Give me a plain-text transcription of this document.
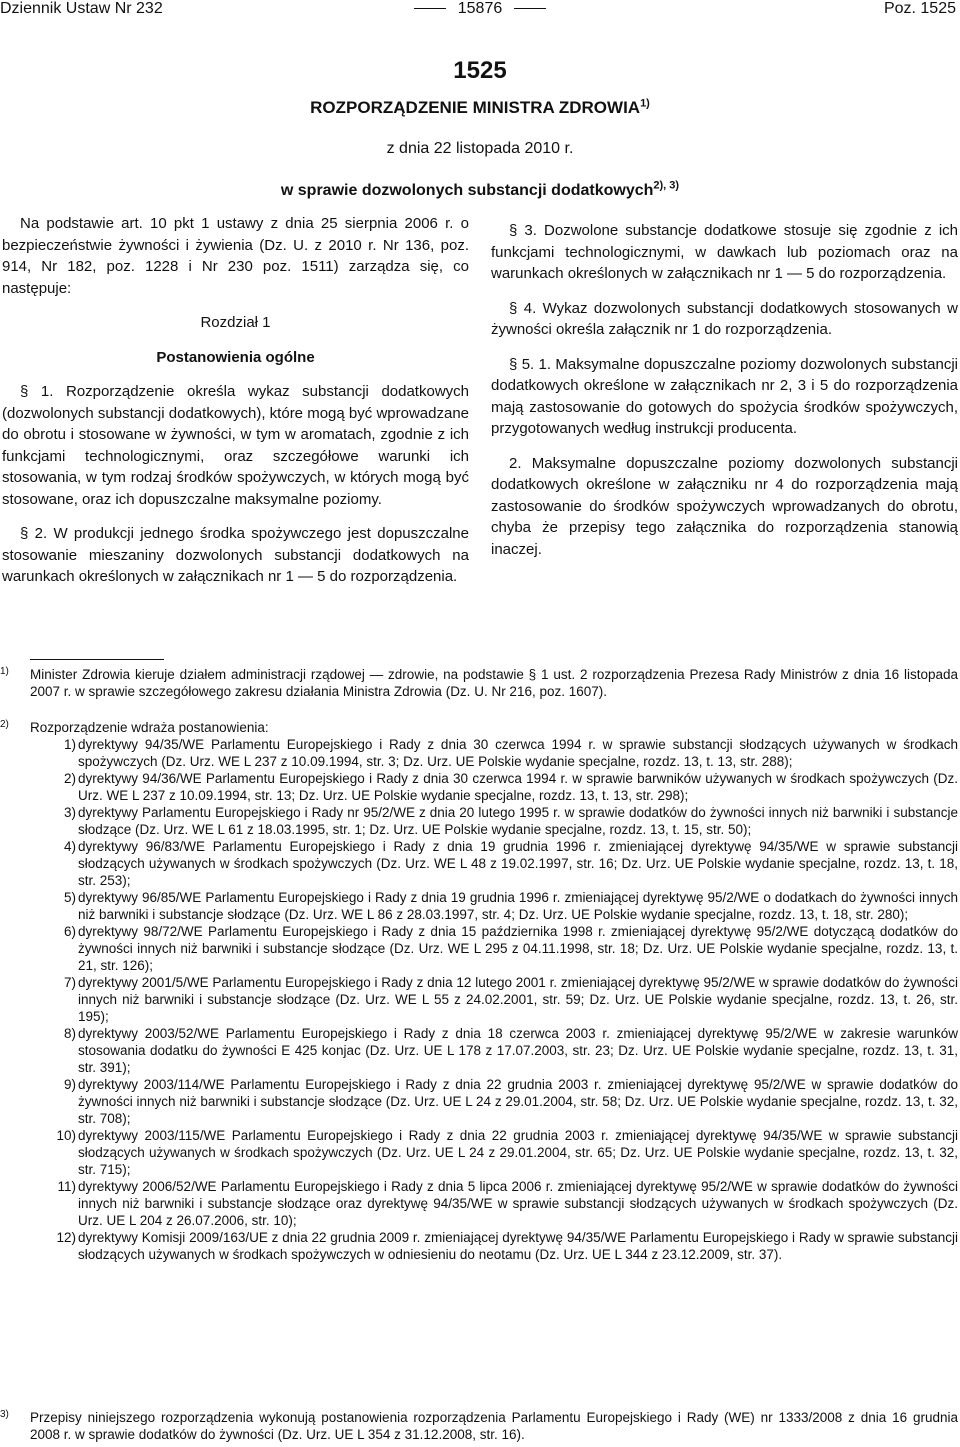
Dziennik Ustaw Nr 232	15876	Poz. 1525
1525
ROZPORZĄDZENIE MINISTRA ZDROWIA$^{1)}$
z dnia 22 listopada 2010 r.
w sprawie dozwolonych substancji dodatkowych$^{2), 3)}$

Na podstawie art. 10 pkt 1 ustawy z dnia 25 sierpnia 2006 r. o bezpieczeństwie żywności i żywienia (Dz. U. z 2010 r. Nr 136, poz. 914, Nr 182, poz. 1228 i Nr 230 poz. 1511) zarządza się, co następuje:

Rozdział 1

Postanowienia ogólne

§ 1. Rozporządzenie określa wykaz substancji dodatkowych (dozwolonych substancji dodatkowych), które mogą być wprowadzane do obrotu i stosowane w żywności, w tym w aromatach, zgodnie z ich funkcjami technologicznymi, oraz szczegółowe warunki ich stosowania, w tym rodzaj środków spożywczych, w których mogą być stosowane, oraz ich dopuszczalne maksymalne poziomy.

§ 2. W produkcji jednego środka spożywczego jest dopuszczalne stosowanie mieszaniny dozwolonych substancji dodatkowych na warunkach określonych w załącznikach nr 1 — 5 do rozporządzenia.

§ 3. Dozwolone substancje dodatkowe stosuje się zgodnie z ich funkcjami technologicznymi, w dawkach lub poziomach oraz na warunkach określonych w załącznikach nr 1 — 5 do rozporządzenia.

§ 4. Wykaz dozwolonych substancji dodatkowych stosowanych w żywności określa załącznik nr 1 do rozporządzenia.

§ 5. 1. Maksymalne dopuszczalne poziomy dozwolonych substancji dodatkowych określone w załącznikach nr 2, 3 i 5 do rozporządzenia mają zastosowanie do gotowych do spożycia środków spożywczych, przygotowanych według instrukcji producenta.

2. Maksymalne dopuszczalne poziomy dozwolonych substancji dodatkowych określone w załączniku nr 4 do rozporządzenia mają zastosowanie do środków spożywczych wprowadzanych do obrotu, chyba że przepisy tego załącznika do rozporządzenia stanowią inaczej.

1) Minister Zdrowia kieruje działem administracji rządowej — zdrowie, na podstawie § 1 ust. 2 rozporządzenia Prezesa Rady Ministrów z dnia 16 listopada 2007 r. w sprawie szczegółowego zakresu działania Ministra Zdrowia (Dz. U. Nr 216, poz. 1607).
2) Rozporządzenie wdraża postanowienia:
1) dyrektywy 94/35/WE Parlamentu Europejskiego i Rady z dnia 30 czerwca 1994 r. w sprawie substancji słodzących używanych w środkach spożywczych (Dz. Urz. WE L 237 z 10.09.1994, str. 3; Dz. Urz. UE Polskie wydanie specjalne, rozdz. 13, t. 13, str. 288);
2) dyrektywy 94/36/WE Parlamentu Europejskiego i Rady z dnia 30 czerwca 1994 r. w sprawie barwników używanych w środkach spożywczych (Dz. Urz. WE L 237 z 10.09.1994, str. 13; Dz. Urz. UE Polskie wydanie specjalne, rozdz. 13, t. 13, str. 298);
3) dyrektywy Parlamentu Europejskiego i Rady nr 95/2/WE z dnia 20 lutego 1995 r. w sprawie dodatków do żywności innych niż barwniki i substancje słodzące (Dz. Urz. WE L 61 z 18.03.1995, str. 1; Dz. Urz. UE Polskie wydanie specjalne, rozdz. 13, t. 15, str. 50);
4) dyrektywy 96/83/WE Parlamentu Europejskiego i Rady z dnia 19 grudnia 1996 r. zmieniającej dyrektywę 94/35/WE w sprawie substancji słodzących używanych w środkach spożywczych (Dz. Urz. WE L 48 z 19.02.1997, str. 16; Dz. Urz. UE Polskie wydanie specjalne, rozdz. 13, t. 18, str. 253);
5) dyrektywy 96/85/WE Parlamentu Europejskiego i Rady z dnia 19 grudnia 1996 r. zmieniającej dyrektywę 95/2/WE o dodatkach do żywności innych niż barwniki i substancje słodzące (Dz. Urz. WE L 86 z 28.03.1997, str. 4; Dz. Urz. UE Polskie wydanie specjalne, rozdz. 13, t. 18, str. 280);
6) dyrektywy 98/72/WE Parlamentu Europejskiego i Rady z dnia 15 października 1998 r. zmieniającej dyrektywę 95/2/WE dotyczącą dodatków do żywności innych niż barwniki i substancje słodzące (Dz. Urz. WE L 295 z 04.11.1998, str. 18; Dz. Urz. UE Polskie wydanie specjalne, rozdz. 13, t. 21, str. 126);
7) dyrektywy 2001/5/WE Parlamentu Europejskiego i Rady z dnia 12 lutego 2001 r. zmieniającej dyrektywę 95/2/WE w sprawie dodatków do żywności innych niż barwniki i substancje słodzące (Dz. Urz. WE L 55 z 24.02.2001, str. 59; Dz. Urz. UE Polskie wydanie specjalne, rozdz. 13, t. 26, str. 195);
8) dyrektywy 2003/52/WE Parlamentu Europejskiego i Rady z dnia 18 czerwca 2003 r. zmieniającej dyrektywę 95/2/WE w zakresie warunków stosowania dodatku do żywności E 425 konjac (Dz. Urz. UE L 178 z 17.07.2003, str. 23; Dz. Urz. UE Polskie wydanie specjalne, rozdz. 13, t. 31, str. 391);
9) dyrektywy 2003/114/WE Parlamentu Europejskiego i Rady z dnia 22 grudnia 2003 r. zmieniającej dyrektywę 95/2/WE w sprawie dodatków do żywności innych niż barwniki i substancje słodzące (Dz. Urz. UE L 24 z 29.01.2004, str. 58; Dz. Urz. UE Polskie wydanie specjalne, rozdz. 13, t. 32, str. 708);
10) dyrektywy 2003/115/WE Parlamentu Europejskiego i Rady z dnia 22 grudnia 2003 r. zmieniającej dyrektywę 94/35/WE w sprawie substancji słodzących używanych w środkach spożywczych (Dz. Urz. UE L 24 z 29.01.2004, str. 65; Dz. Urz. UE Polskie wydanie specjalne, rozdz. 13, t. 32, str. 715);
11) dyrektywy 2006/52/WE Parlamentu Europejskiego i Rady z dnia 5 lipca 2006 r. zmieniającej dyrektywę 95/2/WE w sprawie dodatków do żywności innych niż barwniki i substancje słodzące oraz dyrektywę 94/35/WE w sprawie substancji słodzących używanych w środkach spożywczych (Dz. Urz. UE L 204 z 26.07.2006, str. 10);
12) dyrektywy Komisji 2009/163/UE z dnia 22 grudnia 2009 r. zmieniającej dyrektywę 94/35/WE Parlamentu Europejskiego i Rady w sprawie substancji słodzących używanych w środkach spożywczych w odniesieniu do neotamu (Dz. Urz. UE L 344 z 23.12.2009, str. 37).
3) Przepisy niniejszego rozporządzenia wykonują postanowienia rozporządzenia Parlamentu Europejskiego i Rady (WE) nr 1333/2008 z dnia 16 grudnia 2008 r. w sprawie dodatków do żywności (Dz. Urz. UE L 354 z 31.12.2008, str. 16).
